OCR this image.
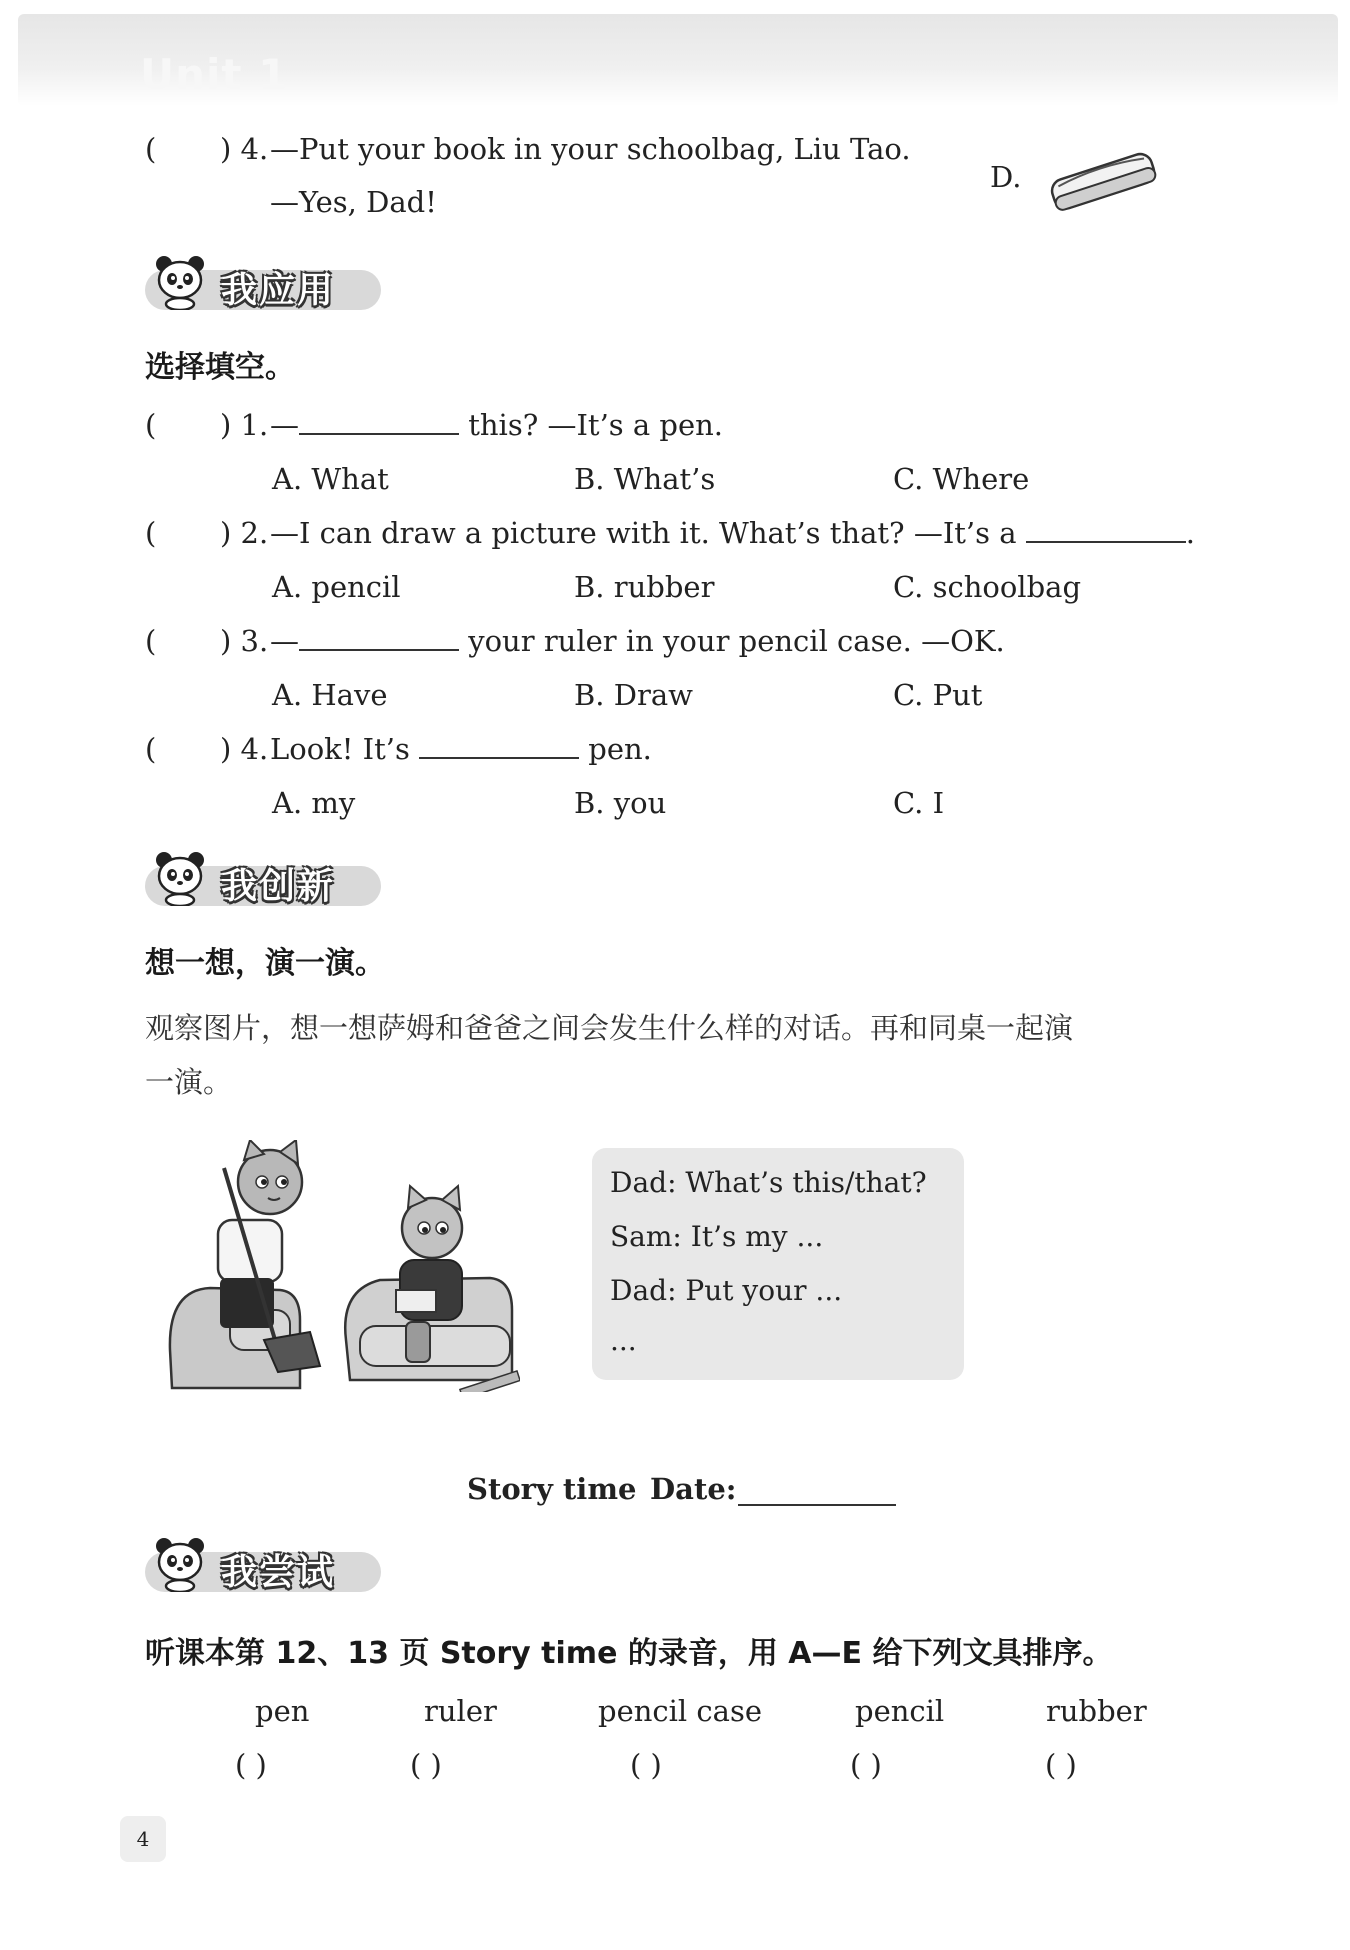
Unit 1
( ) 4. —Put your book in your schoolbag, Liu Tao.
—Yes, Dad!
D.
我应用
选择填空。
( ) 1. —	this? —It’s a pen.
A. What	B. What’s	C. Where
( ) 2. —I can draw a picture with it. What’s that? —It’s a	.
A. pencil	B. rubber	C. schoolbag
( ) 3. —	your ruler in your pencil case. —OK.
A. Have	B. Draw	C. Put
( ) 4. Look! It’s	pen.
A. my	B. you	C. I
我创新
想一想，演一演。
观察图片，想一想萨姆和爸爸之间会发生什么样的对话。再和同桌一起演
一演。
Dad: What’s this/that?
Sam: It’s my ...
Dad: Put your ...
...
Story time Date:
我尝试
听课本第 12、13 页 Story time 的录音，用 A—E 给下列文具排序。
pen	ruler	pencil case	pencil	rubber
( )	( )	( )	( )	( )
4
